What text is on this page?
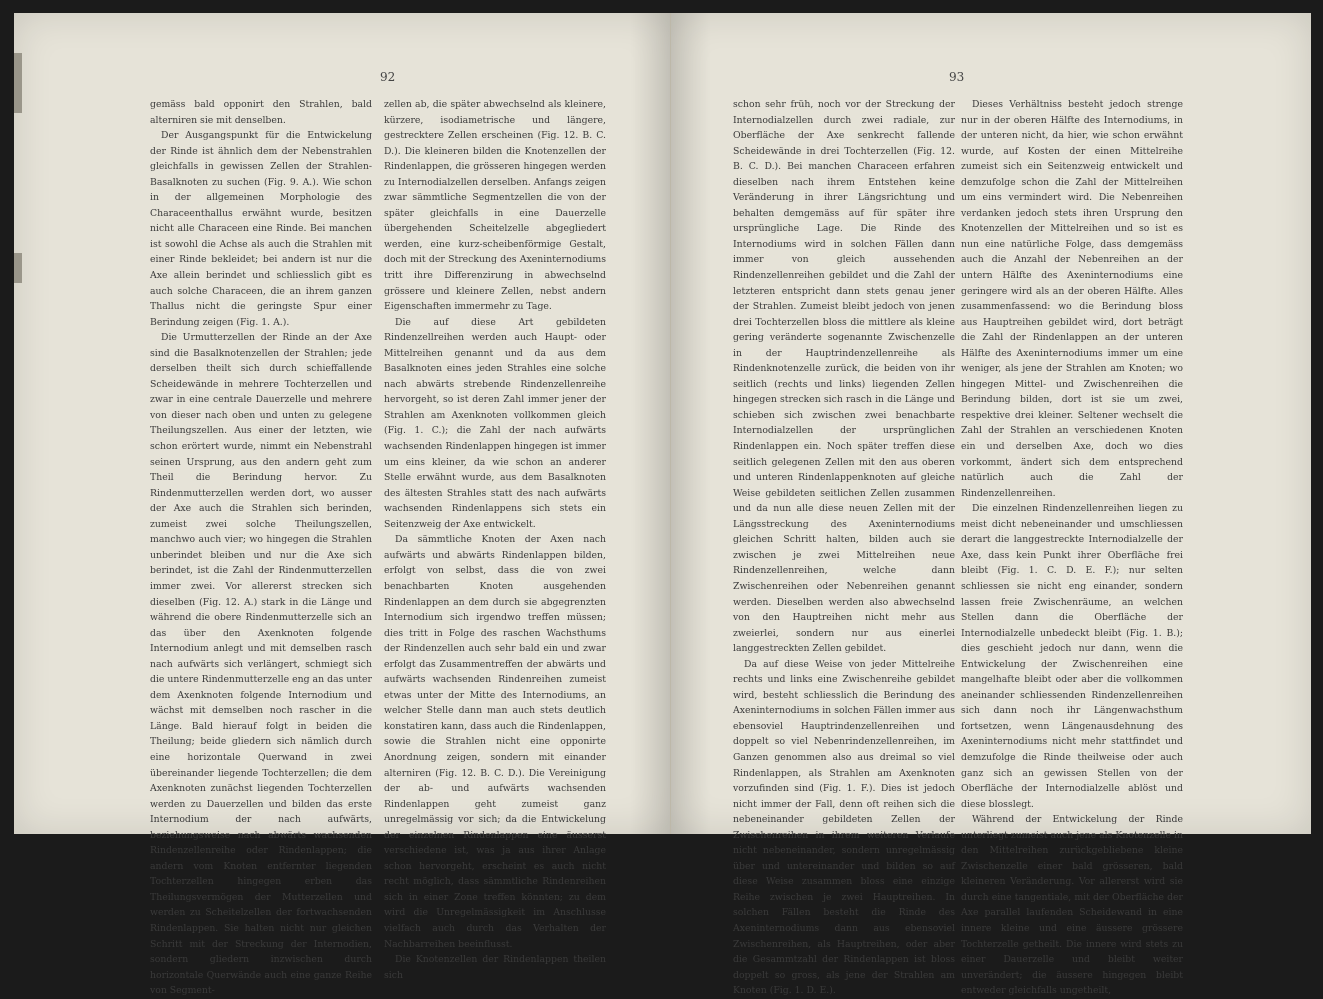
92

gemäss bald opponirt den Strahlen, bald alterniren sie mit denselben.

Der Ausgangspunkt für die Entwickelung der Rinde ist ähnlich dem der Nebenstrahlen gleichfalls in gewissen Zellen der Strahlen-Basalknoten zu suchen (Fig. 9. A.). Wie schon in der allgemeinen Morphologie des Characeenthallus erwähnt wurde, besitzen nicht alle Characeen eine Rinde. Bei manchen ist sowohl die Achse als auch die Strahlen mit einer Rinde bekleidet; bei andern ist nur die Axe allein berindet und schliesslich gibt es auch solche Characeen, die an ihrem ganzen Thallus nicht die geringste Spur einer Berindung zeigen (Fig. 1. A.).

Die Urmutterzellen der Rinde an der Axe sind die Basalknotenzellen der Strahlen; jede derselben theilt sich durch schieffallende Scheidewände in mehrere Tochterzellen und zwar in eine centrale Dauerzelle und mehrere von dieser nach oben und unten zu gelegene Theilungszellen. Aus einer der letzten, wie schon erörtert wurde, nimmt ein Nebenstrahl seinen Ursprung, aus den andern geht zum Theil die Berindung hervor. Zu Rindenmutterzellen werden dort, wo ausser der Axe auch die Strahlen sich berinden, zumeist zwei solche Theilungszellen, manchwo auch vier; wo hingegen die Strahlen unberindet bleiben und nur die Axe sich berindet, ist die Zahl der Rindenmutterzellen immer zwei. Vor allererst strecken sich dieselben (Fig. 12. A.) stark in die Länge und während die obere Rindenmutterzelle sich an das über den Axenknoten folgende Internodium anlegt und mit demselben rasch nach aufwärts sich verlängert, schmiegt sich die untere Rindenmutterzelle eng an das unter dem Axenknoten folgende Internodium und wächst mit demselben noch rascher in die Länge. Bald hierauf folgt in beiden die Theilung; beide gliedern sich nämlich durch eine horizontale Querwand in zwei übereinander liegende Tochterzellen; die dem Axenknoten zunächst liegenden Tochterzellen werden zu Dauerzellen und bilden das erste Internodium der nach aufwärts, beziehungsweise nach abwärts wachsenden Rindenzellenreihe oder Rindenlappen; die andern vom Knoten entfernter liegenden Tochterzellen hingegen erben das Theilungsvermögen der Mutterzellen und werden zu Scheitelzellen der fortwachsenden Rindenlappen. Sie halten nicht nur gleichen Schritt mit der Streckung der Internodien, sondern gliedern inzwischen durch horizontale Querwände auch eine ganze Reihe von Segment-

zellen ab, die später abwechselnd als kleinere, kürzere, isodiametrische und längere, gestrecktere Zellen erscheinen (Fig. 12. B. C. D.). Die kleineren bilden die Knotenzellen der Rindenlappen, die grösseren hingegen werden zu Internodialzellen derselben. Anfangs zeigen zwar sämmtliche Segmentzellen die von der später gleichfalls in eine Dauerzelle übergehenden Scheitelzelle abgegliedert werden, eine kurz-scheibenförmige Gestalt, doch mit der Streckung des Axeninternodiums tritt ihre Differenzirung in abwechselnd grössere und kleinere Zellen, nebst andern Eigenschaften immermehr zu Tage.

Die auf diese Art gebildeten Rindenzellreihen werden auch Haupt- oder Mittelreihen genannt und da aus dem Basalknoten eines jeden Strahles eine solche nach abwärts strebende Rindenzellenreihe hervorgeht, so ist deren Zahl immer jener der Strahlen am Axenknoten vollkommen gleich (Fig. 1. C.); die Zahl der nach aufwärts wachsenden Rindenlappen hingegen ist immer um eins kleiner, da wie schon an anderer Stelle erwähnt wurde, aus dem Basalknoten des ältesten Strahles statt des nach aufwärts wachsenden Rindenlappens sich stets ein Seitenzweig der Axe entwickelt.

Da sämmtliche Knoten der Axen nach aufwärts und abwärts Rindenlappen bilden, erfolgt von selbst, dass die von zwei benachbarten Knoten ausgehenden Rindenlappen an dem durch sie abgegrenzten Internodium sich irgendwo treffen müssen; dies tritt in Folge des raschen Wachsthums der Rindenzellen auch sehr bald ein und zwar erfolgt das Zusammentreffen der abwärts und aufwärts wachsenden Rindenreihen zumeist etwas unter der Mitte des Internodiums, an welcher Stelle dann man auch stets deutlich konstatiren kann, dass auch die Rindenlappen, sowie die Strahlen nicht eine opponirte Anordnung zeigen, sondern mit einander alterniren (Fig. 12. B. C. D.). Die Vereinigung der ab- und aufwärts wachsenden Rindenlappen geht zumeist ganz unregelmässig vor sich; da die Entwickelung der einzelnen Rindenlappen eine äusserst verschiedene ist, was ja aus ihrer Anlage schon hervorgeht, erscheint es auch nicht recht möglich, dass sämmtliche Rindenreihen sich in einer Zone treffen könnten; zu dem wird die Unregelmässigkeit im Anschlusse vielfach auch durch das Verhalten der Nachbarreihen beeinflusst.

Die Knotenzellen der Rindenlappen theilen sich

93

schon sehr früh, noch vor der Streckung der Internodialzellen durch zwei radiale, zur Oberfläche der Axe senkrecht fallende Scheidewände in drei Tochterzellen (Fig. 12. B. C. D.). Bei manchen Characeen erfahren dieselben nach ihrem Entstehen keine Veränderung in ihrer Längsrichtung und behalten demgemäss auf für später ihre ursprüngliche Lage. Die Rinde des Internodiums wird in solchen Fällen dann immer von gleich aussehenden Rindenzellenreihen gebildet und die Zahl der letzteren entspricht dann stets genau jener der Strahlen. Zumeist bleibt jedoch von jenen drei Tochterzellen bloss die mittlere als kleine gering veränderte sogenannte Zwischenzelle in der Hauptrindenzellenreihe als Rindenknotenzelle zurück, die beiden von ihr seitlich (rechts und links) liegenden Zellen hingegen strecken sich rasch in die Länge und schieben sich zwischen zwei benachbarte Internodialzellen der ursprünglichen Rindenlappen ein. Noch später treffen diese seitlich gelegenen Zellen mit den aus oberen und unteren Rindenlappenknoten auf gleiche Weise gebildeten seitlichen Zellen zusammen und da nun alle diese neuen Zellen mit der Längsstreckung des Axeninternodiums gleichen Schritt halten, bilden auch sie zwischen je zwei Mittelreihen neue Rindenzellenreihen, welche dann Zwischenreihen oder Nebenreihen genannt werden. Dieselben werden also abwechselnd von den Hauptreihen nicht mehr aus zweierlei, sondern nur aus einerlei langgestreckten Zellen gebildet.

Da auf diese Weise von jeder Mittelreihe rechts und links eine Zwischenreihe gebildet wird, besteht schliesslich die Berindung des Axeninternodiums in solchen Fällen immer aus ebensoviel Hauptrindenzellenreihen und doppelt so viel Nebenrindenzellenreihen, im Ganzen genommen also aus dreimal so viel Rindenlappen, als Strahlen am Axenknoten vorzufinden sind (Fig. 1. F.). Dies ist jedoch nicht immer der Fall, denn oft reihen sich die nebeneinander gebildeten Zellen der Zwischenreihen in ihrem weiteren Verlaufe nicht nebeneinander, sondern unregelmässig über und untereinander und bilden so auf diese Weise zusammen bloss eine einzige Reihe zwischen je zwei Hauptreihen. In solchen Fällen besteht die Rinde des Axeninternodiums dann aus ebensoviel Zwischenreihen, als Hauptreihen, oder aber die Gesammtzahl der Rindenlappen ist bloss doppelt so gross, als jene der Strahlen am Knoten (Fig. 1. D. E.).

Dieses Verhältniss besteht jedoch strenge nur in der oberen Hälfte des Internodiums, in der unteren nicht, da hier, wie schon erwähnt wurde, auf Kosten der einen Mittelreihe zumeist sich ein Seitenzweig entwickelt und demzufolge schon die Zahl der Mittelreihen um eins vermindert wird. Die Nebenreihen verdanken jedoch stets ihren Ursprung den Knotenzellen der Mittelreihen und so ist es nun eine natürliche Folge, dass demgemäss auch die Anzahl der Nebenreihen an der untern Hälfte des Axeninternodiums eine geringere wird als an der oberen Hälfte. Alles zusammenfassend: wo die Berindung bloss aus Hauptreihen gebildet wird, dort beträgt die Zahl der Rindenlappen an der unteren Hälfte des Axeninternodiums immer um eine weniger, als jene der Strahlen am Knoten; wo hingegen Mittel- und Zwischenreihen die Berindung bilden, dort ist sie um zwei, respektive drei kleiner. Seltener wechselt die Zahl der Strahlen an verschiedenen Knoten ein und derselben Axe, doch wo dies vorkommt, ändert sich dem entsprechend natürlich auch die Zahl der Rindenzellenreihen.

Die einzelnen Rindenzellenreihen liegen zu meist dicht nebeneinander und umschliessen derart die langgestreckte Internodialzelle der Axe, dass kein Punkt ihrer Oberfläche frei bleibt (Fig. 1. C. D. E. F.); nur selten schliessen sie nicht eng einander, sondern lassen freie Zwischenräume, an welchen Stellen dann die Oberfläche der Internodialzelle unbedeckt bleibt (Fig. 1. B.); dies geschieht jedoch nur dann, wenn die Entwickelung der Zwischenreihen eine mangelhafte bleibt oder aber die vollkommen aneinander schliessenden Rindenzellenreihen sich dann noch ihr Längenwachsthum fortsetzen, wenn Längenausdehnung des Axeninternodiums nicht mehr stattfindet und demzufolge die Rinde theilweise oder auch ganz sich an gewissen Stellen von der Oberfläche der Internodialzelle ablöst und diese blosslegt.

Während der Entwickelung der Rinde unterliegt zumeist auch jene als Knotenzelle in den Mittelreihen zurückgebliebene kleine Zwischenzelle einer bald grösseren, bald kleineren Veränderung. Vor allererst wird sie durch eine tangentiale, mit der Oberfläche der Axe parallel laufenden Scheidewand in eine innere kleine und eine äussere grössere Tochterzelle getheilt. Die innere wird stets zu einer Dauerzelle und bleibt weiter unverändert; die äussere hingegen bleibt entweder gleichfalls ungetheilt,
